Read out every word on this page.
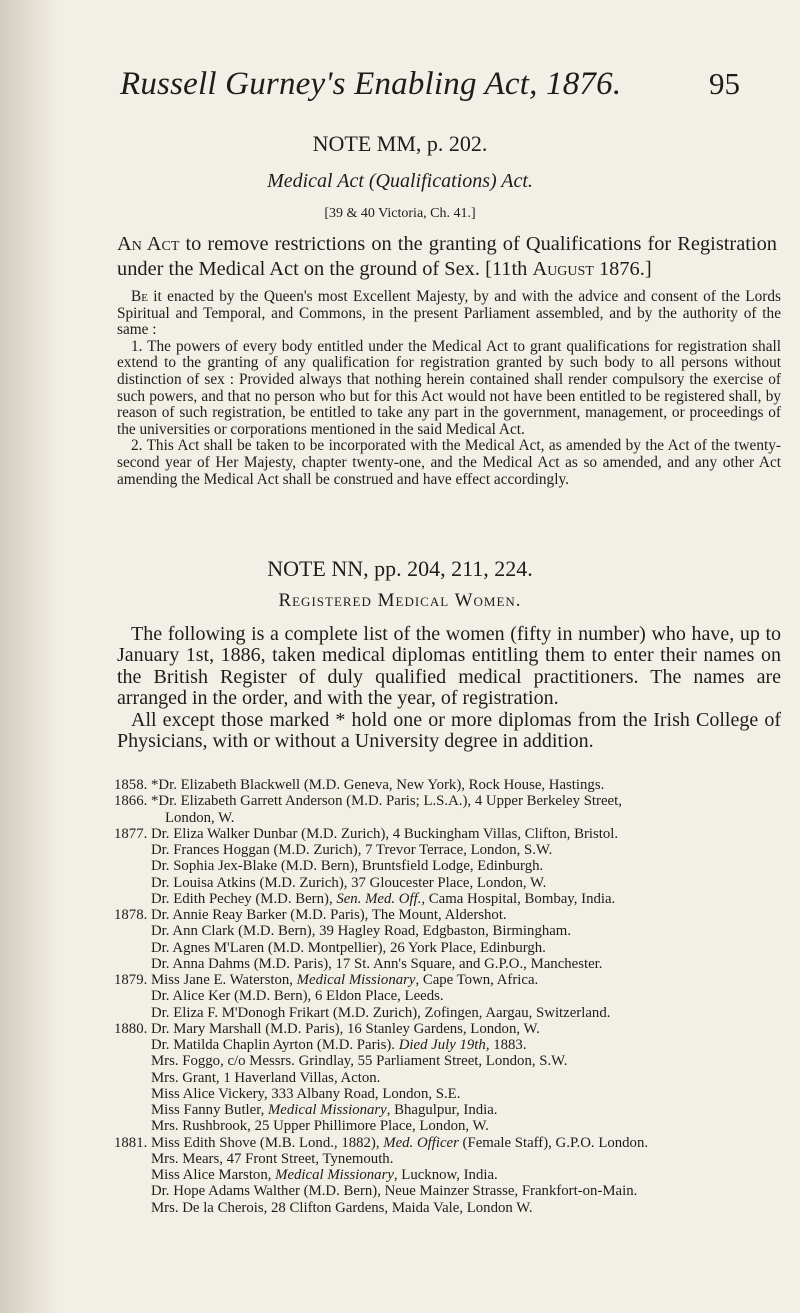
Russell Gurney's Enabling Act, 1876.	95
NOTE MM, p. 202.
Medical Act (Qualifications) Act.
[39 & 40 Victoria, Ch. 41.]
An Act to remove restrictions on the granting of Qualifications for Registration under the Medical Act on the ground of Sex. [11th August 1876.]
Be it enacted by the Queen's most Excellent Majesty, by and with the advice and consent of the Lords Spiritual and Temporal, and Commons, in the present Parliament assembled, and by the authority of the same :
1. The powers of every body entitled under the Medical Act to grant qualifications for registration shall extend to the granting of any qualification for registration granted by such body to all persons without distinction of sex : Provided always that nothing herein contained shall render compulsory the exercise of such powers, and that no person who but for this Act would not have been entitled to be registered shall, by reason of such registration, be entitled to take any part in the government, management, or proceedings of the universities or corporations mentioned in the said Medical Act.
2. This Act shall be taken to be incorporated with the Medical Act, as amended by the Act of the twenty-second year of Her Majesty, chapter twenty-one, and the Medical Act as so amended, and any other Act amending the Medical Act shall be construed and have effect accordingly.
NOTE NN, pp. 204, 211, 224.
Registered Medical Women.
The following is a complete list of the women (fifty in number) who have, up to January 1st, 1886, taken medical diplomas entitling them to enter their names on the British Register of duly qualified medical practitioners. The names are arranged in the order, and with the year, of registration.
All except those marked * hold one or more diplomas from the Irish College of Physicians, with or without a University degree in addition.
1858. *Dr. Elizabeth Blackwell (M.D. Geneva, New York), Rock House, Hastings.
1866. *Dr. Elizabeth Garrett Anderson (M.D. Paris; L.S.A.), 4 Upper Berkeley Street,
London, W.
1877. Dr. Eliza Walker Dunbar (M.D. Zurich), 4 Buckingham Villas, Clifton, Bristol.
Dr. Frances Hoggan (M.D. Zurich), 7 Trevor Terrace, London, S.W.
Dr. Sophia Jex-Blake (M.D. Bern), Bruntsfield Lodge, Edinburgh.
Dr. Louisa Atkins (M.D. Zurich), 37 Gloucester Place, London, W.
Dr. Edith Pechey (M.D. Bern), Sen. Med. Off., Cama Hospital, Bombay, India.
1878. Dr. Annie Reay Barker (M.D. Paris), The Mount, Aldershot.
Dr. Ann Clark (M.D. Bern), 39 Hagley Road, Edgbaston, Birmingham.
Dr. Agnes M'Laren (M.D. Montpellier), 26 York Place, Edinburgh.
Dr. Anna Dahms (M.D. Paris), 17 St. Ann's Square, and G.P.O., Manchester.
1879. Miss Jane E. Waterston, Medical Missionary, Cape Town, Africa.
Dr. Alice Ker (M.D. Bern), 6 Eldon Place, Leeds.
Dr. Eliza F. M'Donogh Frikart (M.D. Zurich), Zofingen, Aargau, Switzerland.
1880. Dr. Mary Marshall (M.D. Paris), 16 Stanley Gardens, London, W.
Dr. Matilda Chaplin Ayrton (M.D. Paris). Died July 19th, 1883.
Mrs. Foggo, c/o Messrs. Grindlay, 55 Parliament Street, London, S.W.
Mrs. Grant, 1 Haverland Villas, Acton.
Miss Alice Vickery, 333 Albany Road, London, S.E.
Miss Fanny Butler, Medical Missionary, Bhagulpur, India.
Mrs. Rushbrook, 25 Upper Phillimore Place, London, W.
1881. Miss Edith Shove (M.B. Lond., 1882), Med. Officer (Female Staff), G.P.O. London.
Mrs. Mears, 47 Front Street, Tynemouth.
Miss Alice Marston, Medical Missionary, Lucknow, India.
Dr. Hope Adams Walther (M.D. Bern), Neue Mainzer Strasse, Frankfort-on-Main.
Mrs. De la Cherois, 28 Clifton Gardens, Maida Vale, London W.
